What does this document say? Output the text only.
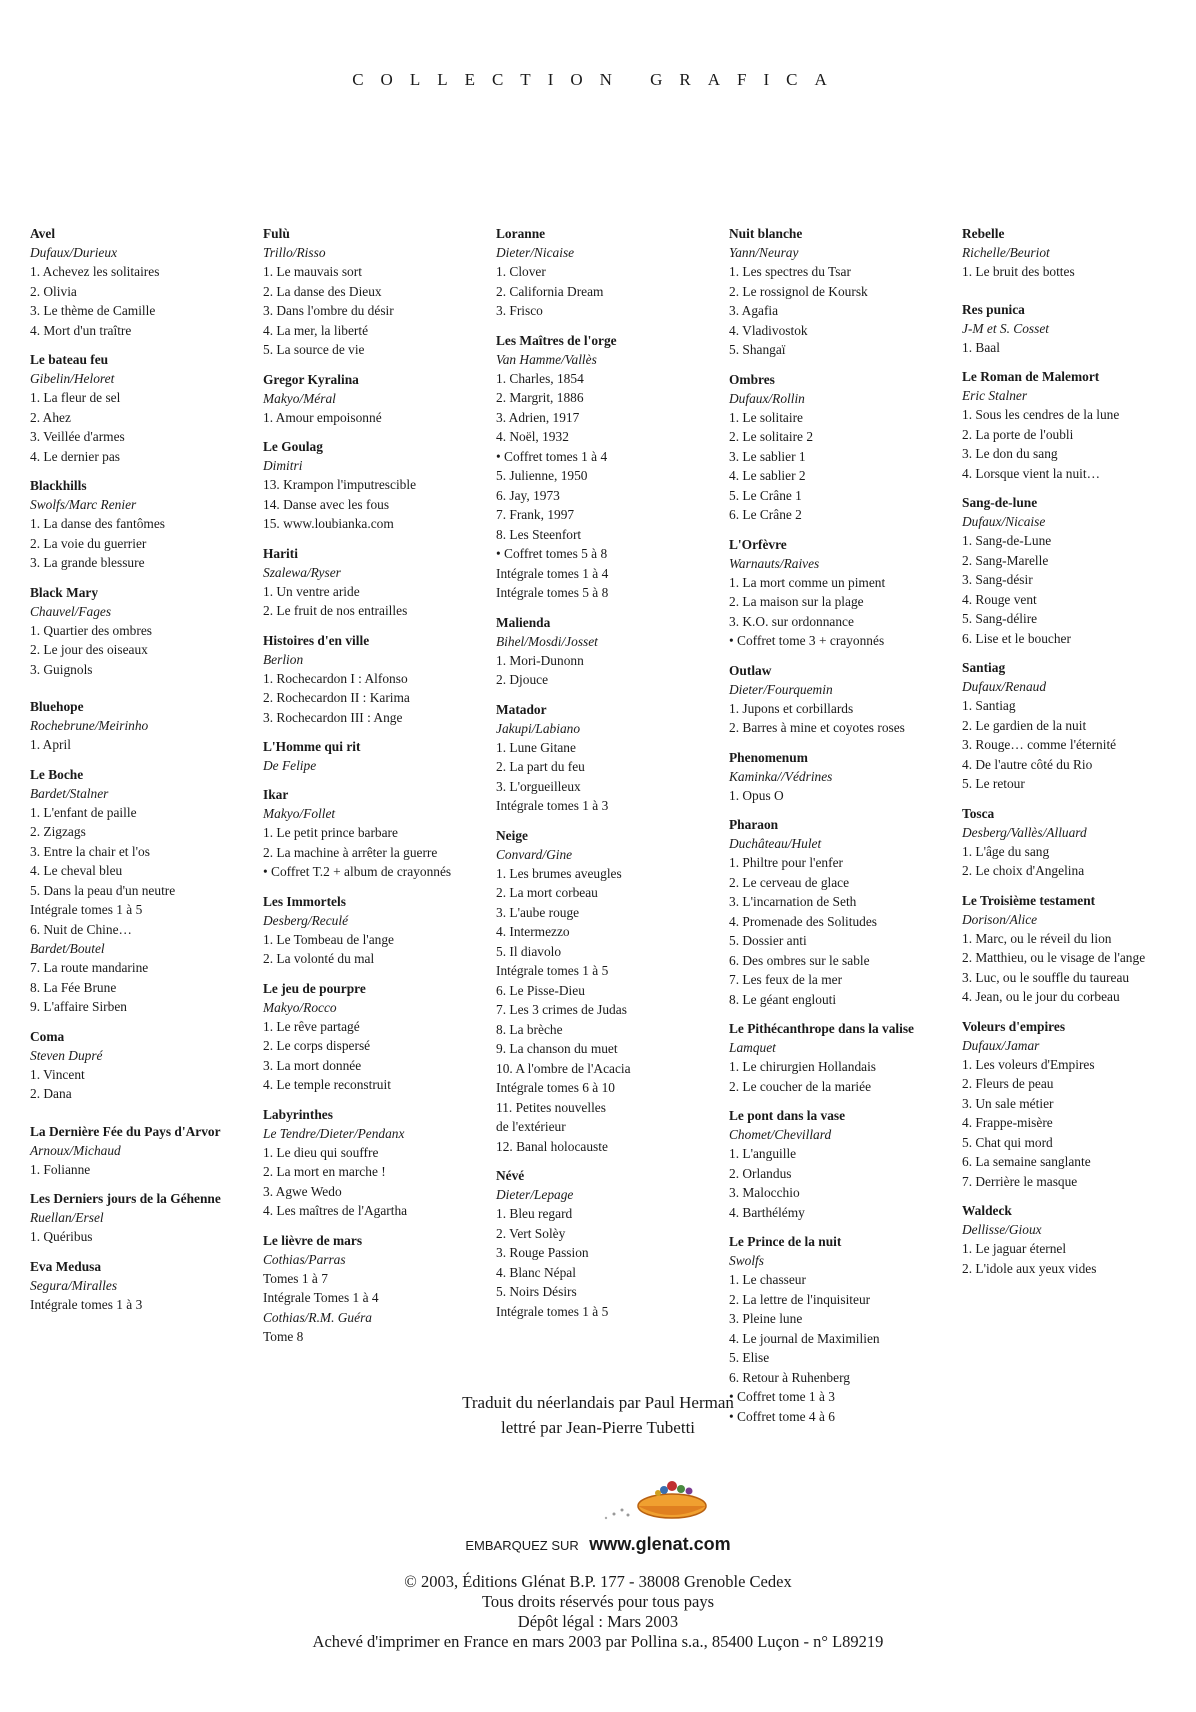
COLLECTION GRAFICA
Avel
Dufaux/Durieux
1. Achevez les solitaires
2. Olivia
3. Le thème de Camille
4. Mort d'un traître
Le bateau feu
Gibelin/Heloret
1. La fleur de sel
2. Ahez
3. Veillée d'armes
4. Le dernier pas
Blackhills
Swolfs/Marc Renier
1. La danse des fantômes
2. La voie du guerrier
3. La grande blessure
Black Mary
Chauvel/Fages
1. Quartier des ombres
2. Le jour des oiseaux
3. Guignols
Bluehope
Rochebrune/Meirinho
1. April
Le Boche
Bardet/Stalner
1. L'enfant de paille
2. Zigzags
3. Entre la chair et l'os
4. Le cheval bleu
5. Dans la peau d'un neutre
Intégrale tomes 1 à 5
6. Nuit de Chine…
Bardet/Boutel
7. La route mandarine
8. La Fée Brune
9. L'affaire Sirben
Coma
Steven Dupré
1. Vincent
2. Dana
La Dernière Fée du Pays d'Arvor
Arnoux/Michaud
1. Folianne
Les Derniers jours de la Géhenne
Ruellan/Ersel
1. Quéribus
Eva Medusa
Segura/Miralles
Intégrale tomes 1 à 3
Fulù
Trillo/Risso
1. Le mauvais sort
2. La danse des Dieux
3. Dans l'ombre du désir
4. La mer, la liberté
5. La source de vie
Gregor Kyralina
Makyo/Méral
1. Amour empoisonné
Le Goulag
Dimitri
13. Krampon l'imputrescible
14. Danse avec les fous
15. www.loubianka.com
Hariti
Szalewa/Ryser
1. Un ventre aride
2. Le fruit de nos entrailles
Histoires d'en ville
Berlion
1. Rochecardon I : Alfonso
2. Rochecardon II : Karima
3. Rochecardon III : Ange
L'Homme qui rit
De Felipe
Ikar
Makyo/Follet
1. Le petit prince barbare
2. La machine à arrêter la guerre
• Coffret T.2 + album de crayonnés
Les Immortels
Desberg/Reculé
1. Le Tombeau de l'ange
2. La volonté du mal
Le jeu de pourpre
Makyo/Rocco
1. Le rêve partagé
2. Le corps dispersé
3. La mort donnée
4. Le temple reconstruit
Labyrinthes
Le Tendre/Dieter/Pendanx
1. Le dieu qui souffre
2. La mort en marche !
3. Agwe Wedo
4. Les maîtres de l'Agartha
Le lièvre de mars
Cothias/Parras
Tomes 1 à 7
Intégrale Tomes 1 à 4
Cothias/R.M. Guéra
Tome 8
Loranne
Dieter/Nicaise
1. Clover
2. California Dream
3. Frisco
Les Maîtres de l'orge
Van Hamme/Vallès
1. Charles, 1854
2. Margrit, 1886
3. Adrien, 1917
4. Noël, 1932
• Coffret tomes 1 à 4
5. Julienne, 1950
6. Jay, 1973
7. Frank, 1997
8. Les Steenfort
• Coffret tomes 5 à 8
Intégrale tomes 1 à 4
Intégrale tomes 5 à 8
Malienda
Bihel/Mosdi/Josset
1. Mori-Dunonn
2. Djouce
Matador
Jakupi/Labiano
1. Lune Gitane
2. La part du feu
3. L'orgueilleux
Intégrale tomes 1 à 3
Neige
Convard/Gine
1. Les brumes aveugles
2. La mort corbeau
3. L'aube rouge
4. Intermezzo
5. Il diavolo
Intégrale tomes 1 à 5
6. Le Pisse-Dieu
7. Les 3 crimes de Judas
8. La brèche
9. La chanson du muet
10. A l'ombre de l'Acacia
Intégrale tomes 6 à 10
11. Petites nouvelles
de l'extérieur
12. Banal holocauste
Névé
Dieter/Lepage
1. Bleu regard
2. Vert Solèy
3. Rouge Passion
4. Blanc Népal
5. Noirs Désirs
Intégrale tomes 1 à 5
Nuit blanche
Yann/Neuray
1. Les spectres du Tsar
2. Le rossignol de Koursk
3. Agafia
4. Vladivostok
5. Shangaï
Ombres
Dufaux/Rollin
1. Le solitaire
2. Le solitaire 2
3. Le sablier 1
4. Le sablier 2
5. Le Crâne 1
6. Le Crâne 2
L'Orfèvre
Warnauts/Raives
1. La mort comme un piment
2. La maison sur la plage
3. K.O. sur ordonnance
• Coffret tome 3 + crayonnés
Outlaw
Dieter/Fourquemin
1. Jupons et corbillards
2. Barres à mine et coyotes roses
Phenomenum
Kaminka//Védrines
1. Opus O
Pharaon
Duchâteau/Hulet
1. Philtre pour l'enfer
2. Le cerveau de glace
3. L'incarnation de Seth
4. Promenade des Solitudes
5. Dossier anti
6. Des ombres sur le sable
7. Les feux de la mer
8. Le géant englouti
Le Pithécanthrope dans la valise
Lamquet
1. Le chirurgien Hollandais
2. Le coucher de la mariée
Le pont dans la vase
Chomet/Chevillard
1. L'anguille
2. Orlandus
3. Malocchio
4. Barthélémy
Le Prince de la nuit
Swolfs
1. Le chasseur
2. La lettre de l'inquisiteur
3. Pleine lune
4. Le journal de Maximilien
5. Elise
6. Retour à Ruhenberg
• Coffret tome 1 à 3
• Coffret tome 4 à 6
Rebelle
Richelle/Beuriot
1. Le bruit des bottes
Res punica
J-M et S. Cosset
1. Baal
Le Roman de Malemort
Eric Stalner
1. Sous les cendres de la lune
2. La porte de l'oubli
3. Le don du sang
4. Lorsque vient la nuit…
Sang-de-lune
Dufaux/Nicaise
1. Sang-de-Lune
2. Sang-Marelle
3. Sang-désir
4. Rouge vent
5. Sang-délire
6. Lise et le boucher
Santiag
Dufaux/Renaud
1. Santiag
2. Le gardien de la nuit
3. Rouge… comme l'éternité
4. De l'autre côté du Rio
5. Le retour
Tosca
Desberg/Vallès/Alluard
1. L'âge du sang
2. Le choix d'Angelina
Le Troisième testament
Dorison/Alice
1. Marc, ou le réveil du lion
2. Matthieu, ou le visage de l'ange
3. Luc, ou le souffle du taureau
4. Jean, ou le jour du corbeau
Voleurs d'empires
Dufaux/Jamar
1. Les voleurs d'Empires
2. Fleurs de peau
3. Un sale métier
4. Frappe-misère
5. Chat qui mord
6. La semaine sanglante
7. Derrière le masque
Waldeck
Dellisse/Gioux
1. Le jaguar éternel
2. L'idole aux yeux vides
Traduit du néerlandais par Paul Herman
lettré par Jean-Pierre Tubetti
EMBARQUEZ SUR www.glenat.com
© 2003, Éditions Glénat B.P. 177 - 38008 Grenoble Cedex
Tous droits réservés pour tous pays
Dépôt légal : Mars 2003
Achevé d'imprimer en France en mars 2003 par Pollina s.a., 85400 Luçon - n° L89219
